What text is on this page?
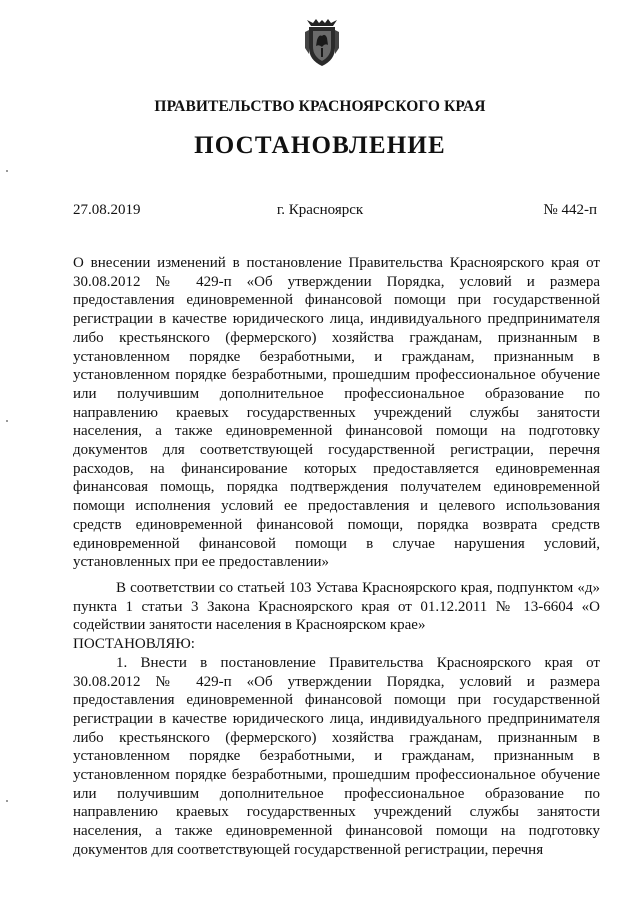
ПРАВИТЕЛЬСТВО КРАСНОЯРСКОГО КРАЯ
ПОСТАНОВЛЕНИЕ
27.08.2019	г. Красноярск	№ 442-п
О внесении изменений в постановление Правительства Красноярского края от 30.08.2012 № 429-п «Об утверждении Порядка, условий и размера предоставления единовременной финансовой помощи при государственной регистрации в качестве юридического лица, индивидуального предпринимателя либо крестьянского (фермерского) хозяйства гражданам, признанным в установленном порядке безработными, и гражданам, признанным в установленном порядке безработными, прошедшим профессиональное обучение или получившим дополнительное профессиональное образование по направлению краевых государственных учреждений службы занятости населения, а также единовременной финансовой помощи на подготовку документов для соответствующей государственной регистрации, перечня расходов, на финансирование которых предоставляется единовременная финансовая помощь, порядка подтверждения получателем единовременной помощи исполнения условий ее предоставления и целевого использования средств единовременной финансовой помощи, порядка возврата средств единовременной финансовой помощи в случае нарушения условий, установленных при ее предоставлении»

В соответствии со статьей 103 Устава Красноярского края, подпунктом «д» пункта 1 статьи 3 Закона Красноярского края от 01.12.2011 № 13-6604 «О содействии занятости населения в Красноярском крае»

ПОСТАНОВЛЯЮ:

1. Внести в постановление Правительства Красноярского края от 30.08.2012 № 429-п «Об утверждении Порядка, условий и размера предоставления единовременной финансовой помощи при государственной регистрации в качестве юридического лица, индивидуального предпринимателя либо крестьянского (фермерского) хозяйства гражданам, признанным в установленном порядке безработными, и гражданам, признанным в установленном порядке безработными, прошедшим профессиональное обучение или получившим дополнительное профессиональное образование по направлению краевых государственных учреждений службы занятости населения, а также единовременной финансовой помощи на подготовку документов для соответствующей государственной регистрации, перечня
